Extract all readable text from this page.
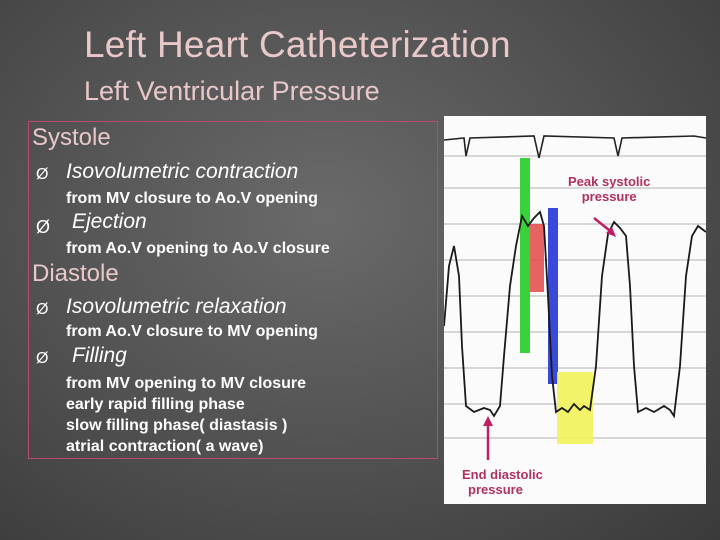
Left Heart Catheterization
Left Ventricular Pressure
Systole
Ø Isovolumetric contraction
from MV closure to Ao.V opening
Ø Ejection
from Ao.V opening to Ao.V closure
Diastole
Ø Isovolumetric relaxation
from Ao.V closure to MV opening
Ø Filling
from MV opening to MV closure
early rapid filling phase
slow filling phase( diastasis )
atrial contraction( a wave)
Peak systolic
pressure
End diastolic
pressure
